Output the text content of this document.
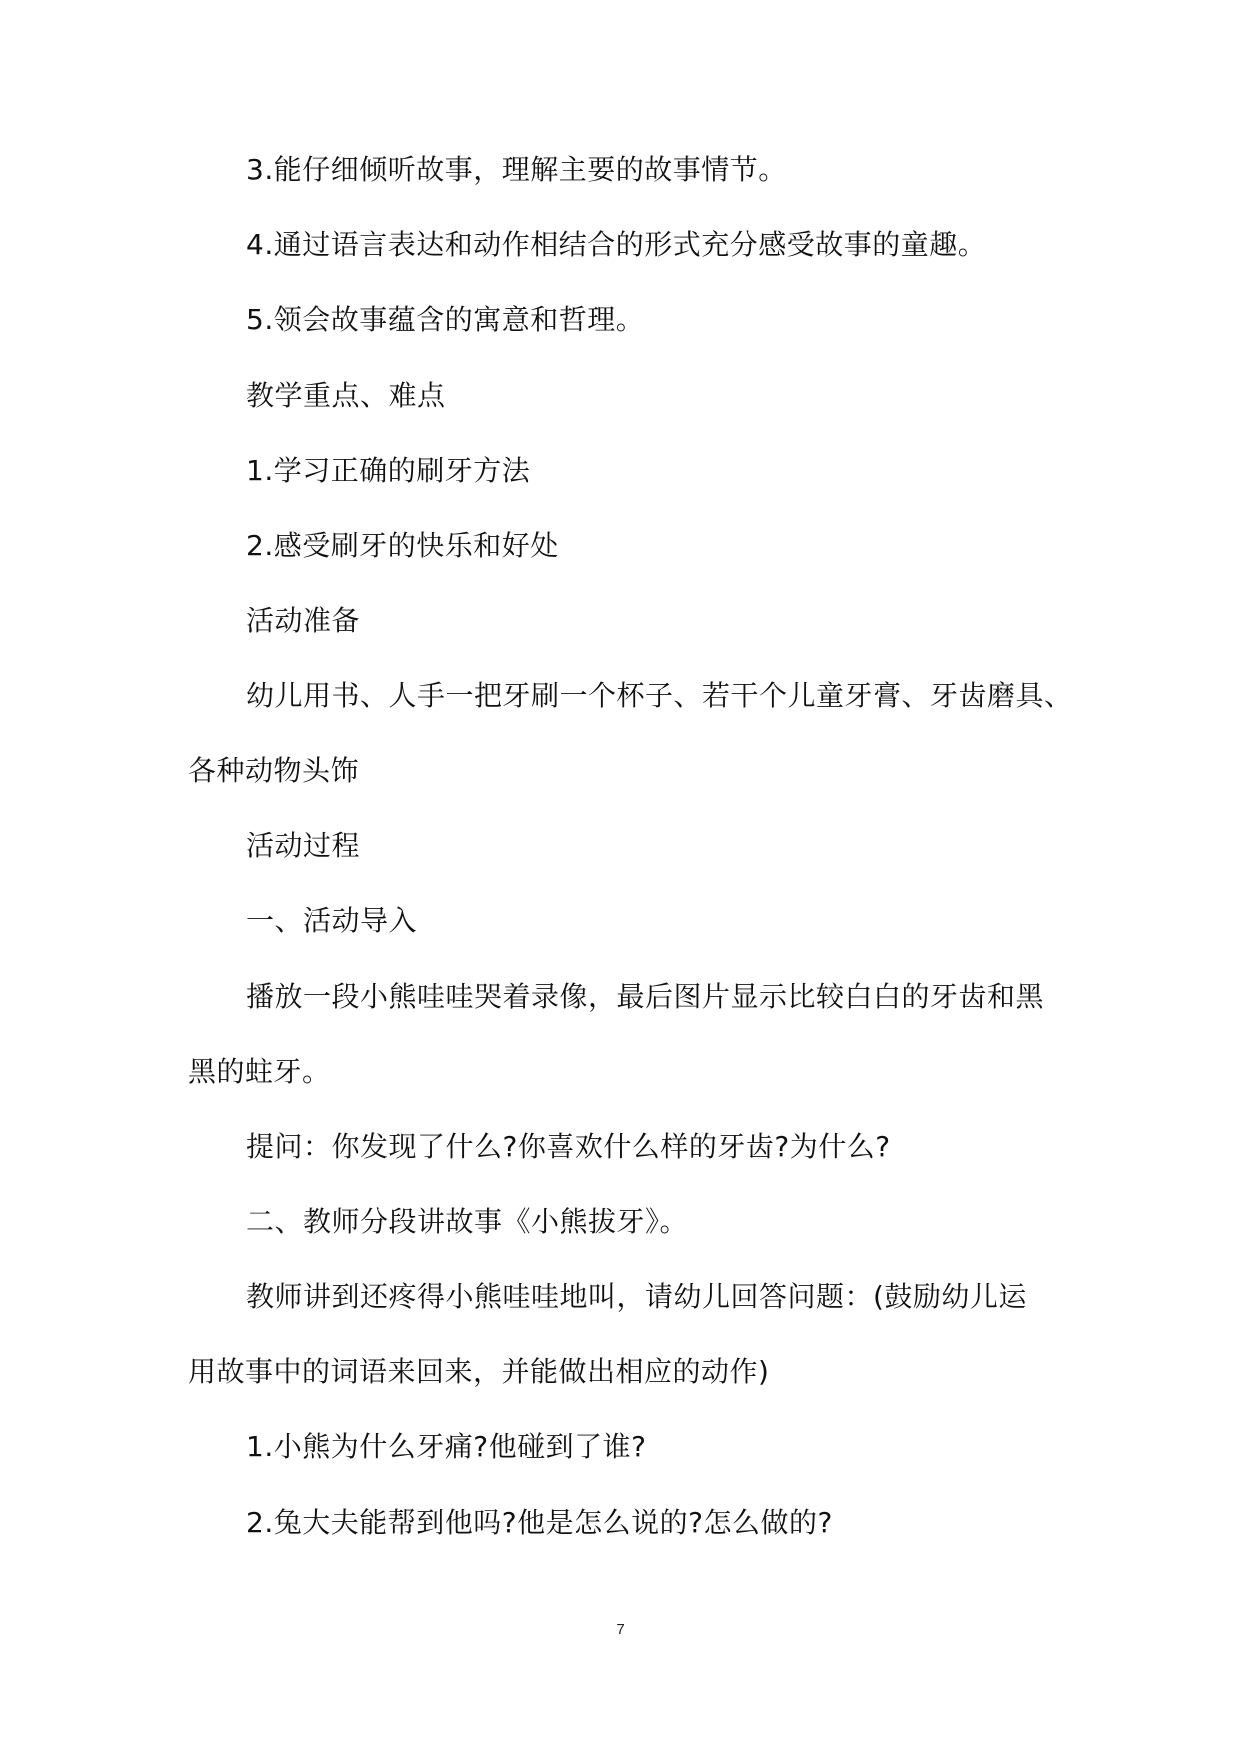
3.能仔细倾听故事，理解主要的故事情节。
4.通过语言表达和动作相结合的形式充分感受故事的童趣。
5.领会故事蕴含的寓意和哲理。
教学重点、难点
1.学习正确的刷牙方法
2.感受刷牙的快乐和好处
活动准备
幼儿用书、人手一把牙刷一个杯子、若干个儿童牙膏、牙齿磨具、
各种动物头饰
活动过程
一、活动导入
播放一段小熊哇哇哭着录像，最后图片显示比较白白的牙齿和黑
黑的蛀牙。
提问：你发现了什么?你喜欢什么样的牙齿?为什么?
二、教师分段讲故事《小熊拔牙》。
教师讲到还疼得小熊哇哇地叫，请幼儿回答问题：(鼓励幼儿运
用故事中的词语来回来，并能做出相应的动作)
1.小熊为什么牙痛?他碰到了谁?
2.兔大夫能帮到他吗?他是怎么说的?怎么做的?
7
